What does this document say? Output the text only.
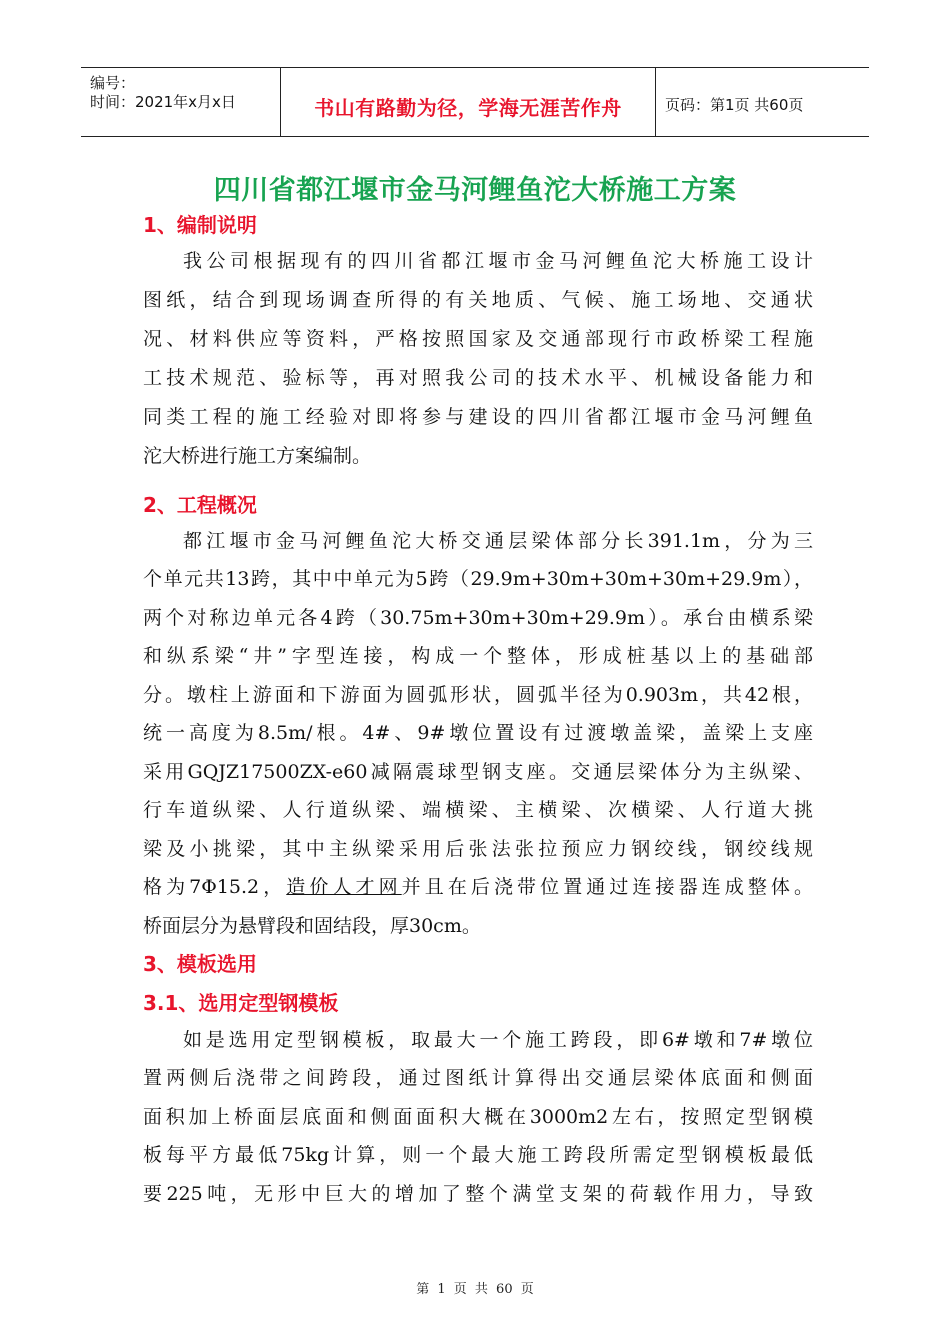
编号：
时间：2021年x月x日	书山有路勤为径，学海无涯苦作舟	页码：第1页 共60页
四川省都江堰市金马河鲤鱼沱大桥施工方案
1、编制说明
我公司根据现有的四川省都江堰市金马河鲤鱼沱大桥施工设计
图纸，结合到现场调查所得的有关地质、气候、施工场地、交通状
况、材料供应等资料，严格按照国家及交通部现行市政桥梁工程施
工技术规范、验标等，再对照我公司的技术水平、机械设备能力和
同类工程的施工经验对即将参与建设的四川省都江堰市金马河鲤鱼
沱大桥进行施工方案编制。
2、工程概况
都江堰市金马河鲤鱼沱大桥交通层梁体部分长391.1m，分为三
个单元共13跨，其中中单元为5跨（29.9m+30m+30m+30m+29.9m），
两个对称边单元各4跨（30.75m+30m+30m+29.9m）。承台由横系梁
和纵系梁“井”字型连接，构成一个整体，形成桩基以上的基础部
分。墩柱上游面和下游面为圆弧形状，圆弧半径为0.903m，共42根，
统一高度为8.5m/根。4#、9#墩位置设有过渡墩盖梁，盖梁上支座
采用GQJZ17500ZX-e60减隔震球型钢支座。交通层梁体分为主纵梁、
行车道纵梁、人行道纵梁、端横梁、主横梁、次横梁、人行道大挑
梁及小挑梁，其中主纵梁采用后张法张拉预应力钢绞线，钢绞线规
格为7Φ15.2，造价人才网并且在后浇带位置通过连接器连成整体。
桥面层分为悬臂段和固结段，厚30cm。
3、模板选用
3.1、选用定型钢模板
如是选用定型钢模板，取最大一个施工跨段，即6#墩和7#墩位
置两侧后浇带之间跨段，通过图纸计算得出交通层梁体底面和侧面
面积加上桥面层底面和侧面面积大概在3000m2左右，按照定型钢模
板每平方最低75kg计算，则一个最大施工跨段所需定型钢模板最低
要225吨，无形中巨大的增加了整个满堂支架的荷载作用力，导致
第 1 页 共 60 页
